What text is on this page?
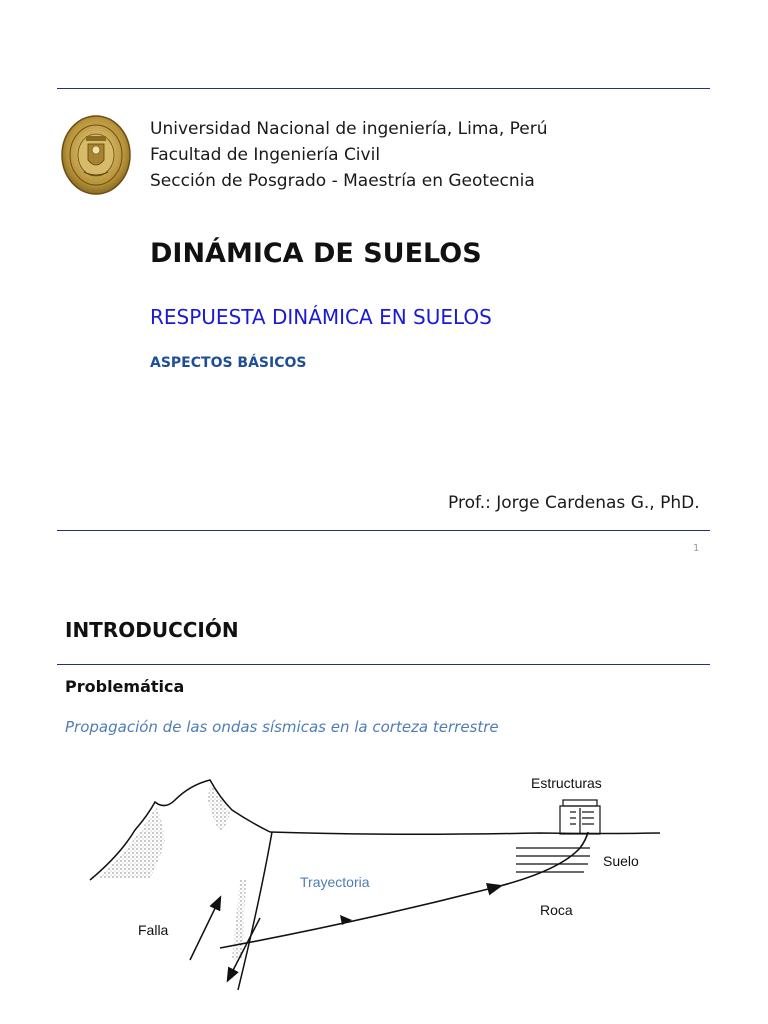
Universidad Nacional de ingeniería, Lima, Perú
Facultad de Ingeniería Civil
Sección de Posgrado - Maestría en Geotecnia
DINÁMICA DE SUELOS
RESPUESTA DINÁMICA EN SUELOS
ASPECTOS BÁSICOS
Prof.: Jorge Cardenas G., PhD.
1
INTRODUCCIÓN
Problemática
Propagación de las ondas sísmicas en la corteza terrestre
Estructuras
Suelo
Trayectoria
Roca
Falla
